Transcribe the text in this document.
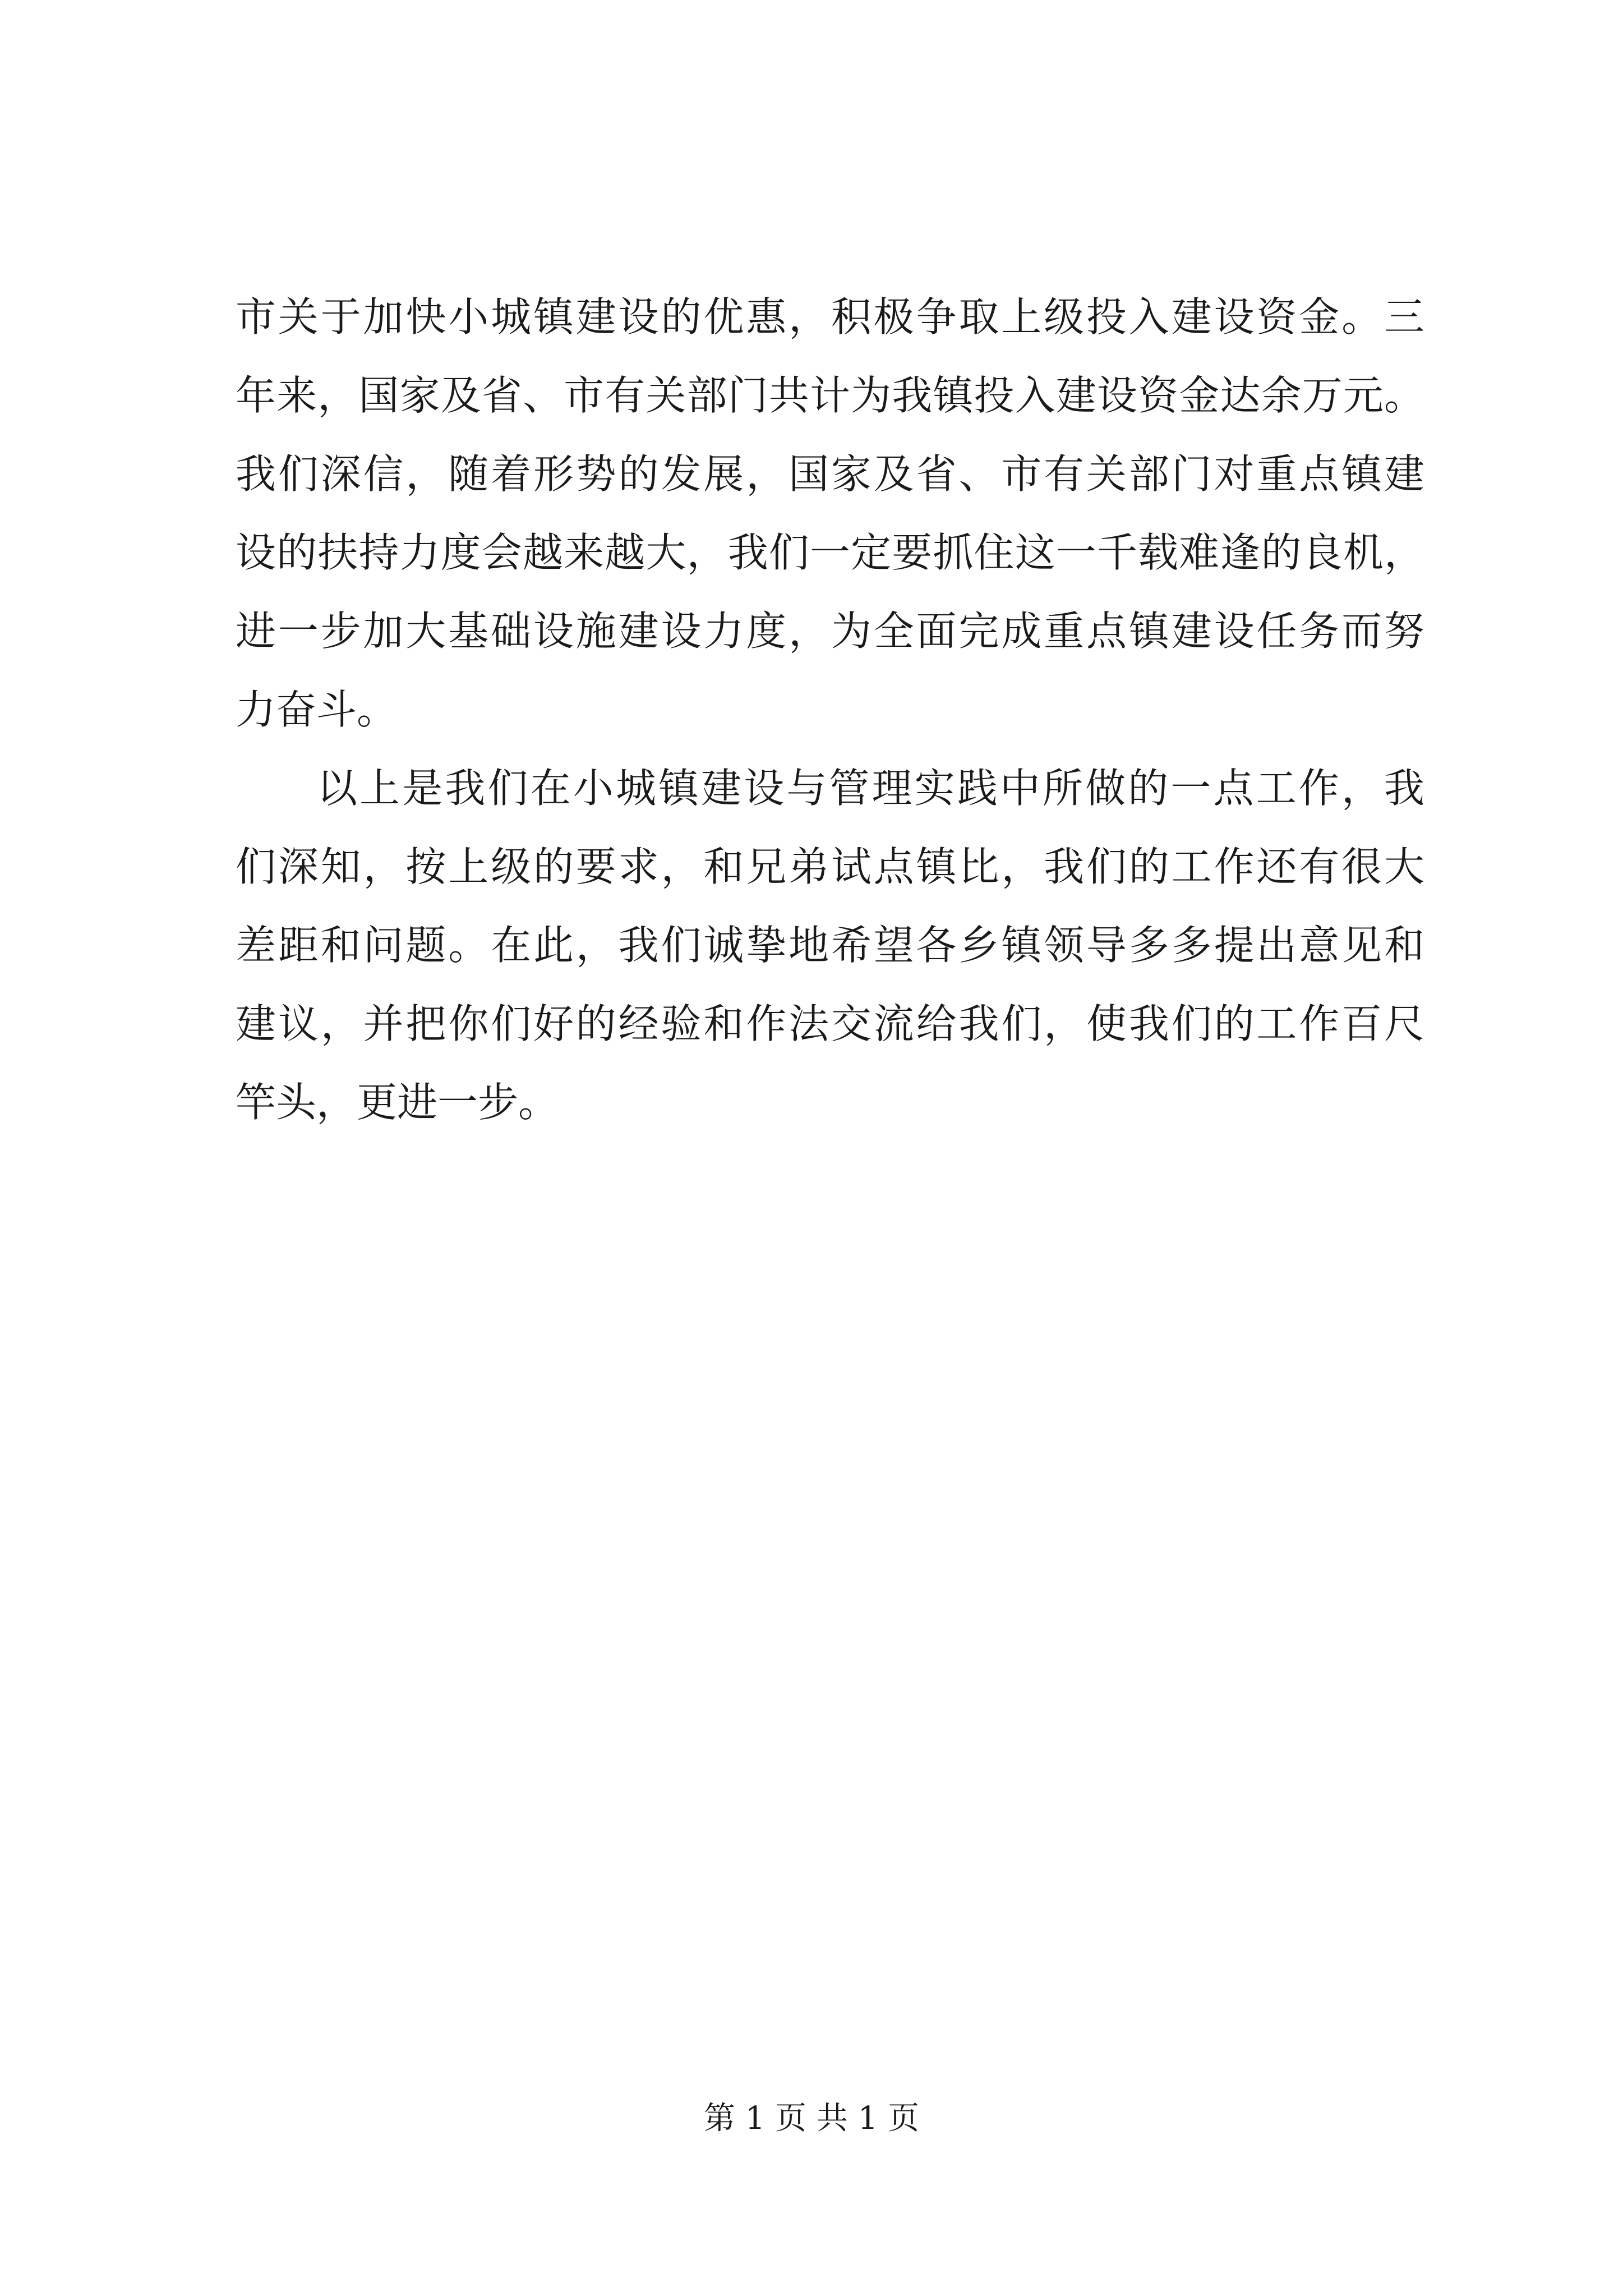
市关于加快小城镇建设的优惠，积极争取上级投入建设资金。三
年来，国家及省、市有关部门共计为我镇投入建设资金达余万元。
我们深信，随着形势的发展，国家及省、市有关部门对重点镇建
设的扶持力度会越来越大，我们一定要抓住这一千载难逢的良机，
进一步加大基础设施建设力度，为全面完成重点镇建设任务而努
力奋斗。
以上是我们在小城镇建设与管理实践中所做的一点工作，我
们深知，按上级的要求，和兄弟试点镇比，我们的工作还有很大
差距和问题。在此，我们诚挚地希望各乡镇领导多多提出意见和
建议，并把你们好的经验和作法交流给我们，使我们的工作百尺
竿头，更进一步。
第 1 页 共 1 页
